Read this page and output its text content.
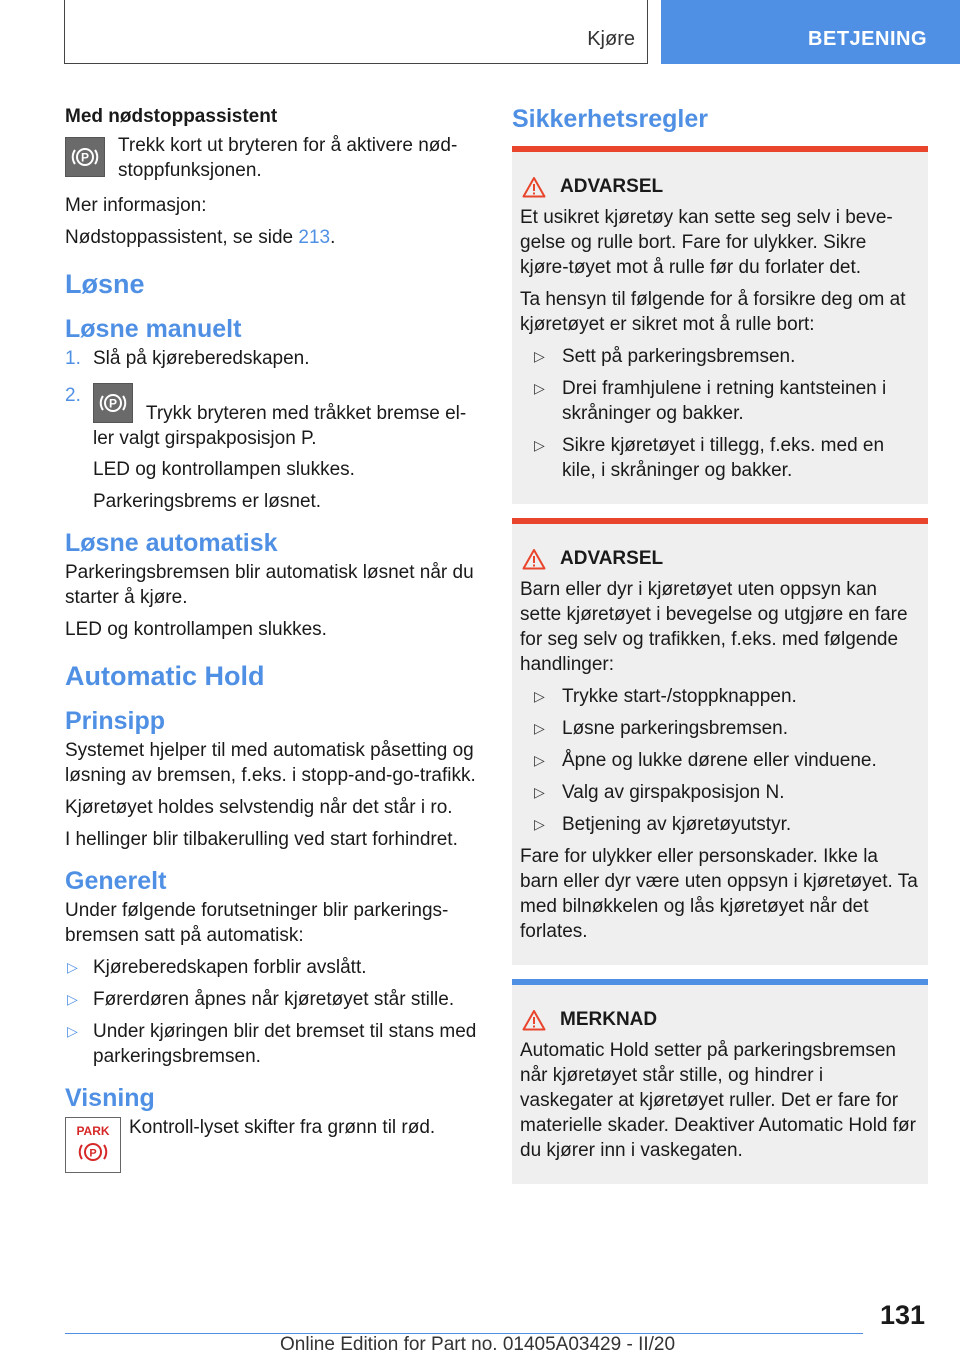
Kjøre	BETJENING

Med nødstoppassistent

P
Trekk kort ut bryteren for å aktivere nød-stoppfunksjonen.

Mer informasjon:

Nødstoppassistent, se side 213.

Løsne
Løsne manuelt
1. Slå på kjøreberedskapen.
2. P Trykk bryteren med tråkket bremse el-ler valgt girspakposisjon P.

LED og kontrollampen slukkes.

Parkeringsbrems er løsnet.

Løsne automatisk

Parkeringsbremsen blir automatisk løsnet når du starter å kjøre.

LED og kontrollampen slukkes.

Automatic Hold
Prinsipp

Systemet hjelper til med automatisk påsetting og løsning av bremsen, f.eks. i stopp-and-go-trafikk.

Kjøretøyet holdes selvstendig når det står i ro.

I hellinger blir tilbakerulling ved start forhindret.

Generelt

Under følgende forutsetninger blir parkerings-bremsen satt på automatisk:

▷ Kjøreberedskapen forblir avslått.
▷ Førerdøren åpnes når kjøretøyet står stille.
▷ Under kjøringen blir det bremset til stans med parkeringsbremsen.
Visning
PARK
P
Kontroll-lyset skifter fra grønn til rød.
Sikkerhetsregler
ADVARSEL

Et usikret kjøretøy kan sette seg selv i beve-gelse og rulle bort. Fare for ulykker. Sikre kjøre-tøyet mot å rulle før du forlater det.

Ta hensyn til følgende for å forsikre deg om at kjøretøyet er sikret mot å rulle bort:

▷ Sett på parkeringsbremsen.
▷ Drei framhjulene i retning kantsteinen i skråninger og bakker.
▷ Sikre kjøretøyet i tillegg, f.eks. med en kile, i skråninger og bakker.
ADVARSEL

Barn eller dyr i kjøretøyet uten oppsyn kan sette kjøretøyet i bevegelse og utgjøre en fare for seg selv og trafikken, f.eks. med følgende handlinger:

▷ Trykke start-/stoppknappen.
▷ Løsne parkeringsbremsen.
▷ Åpne og lukke dørene eller vinduene.
▷ Valg av girspakposisjon N.
▷ Betjening av kjøretøyutstyr.

Fare for ulykker eller personskader. Ikke la barn eller dyr være uten oppsyn i kjøretøyet. Ta med bilnøkkelen og lås kjøretøyet når det forlates.

MERKNAD

Automatic Hold setter på parkeringsbremsen når kjøretøyet står stille, og hindrer i vaskegater at kjøretøyet ruller. Det er fare for materielle skader. Deaktiver Automatic Hold før du kjører inn i vaskegaten.

131
Online Edition for Part no. 01405A03429 - II/20
